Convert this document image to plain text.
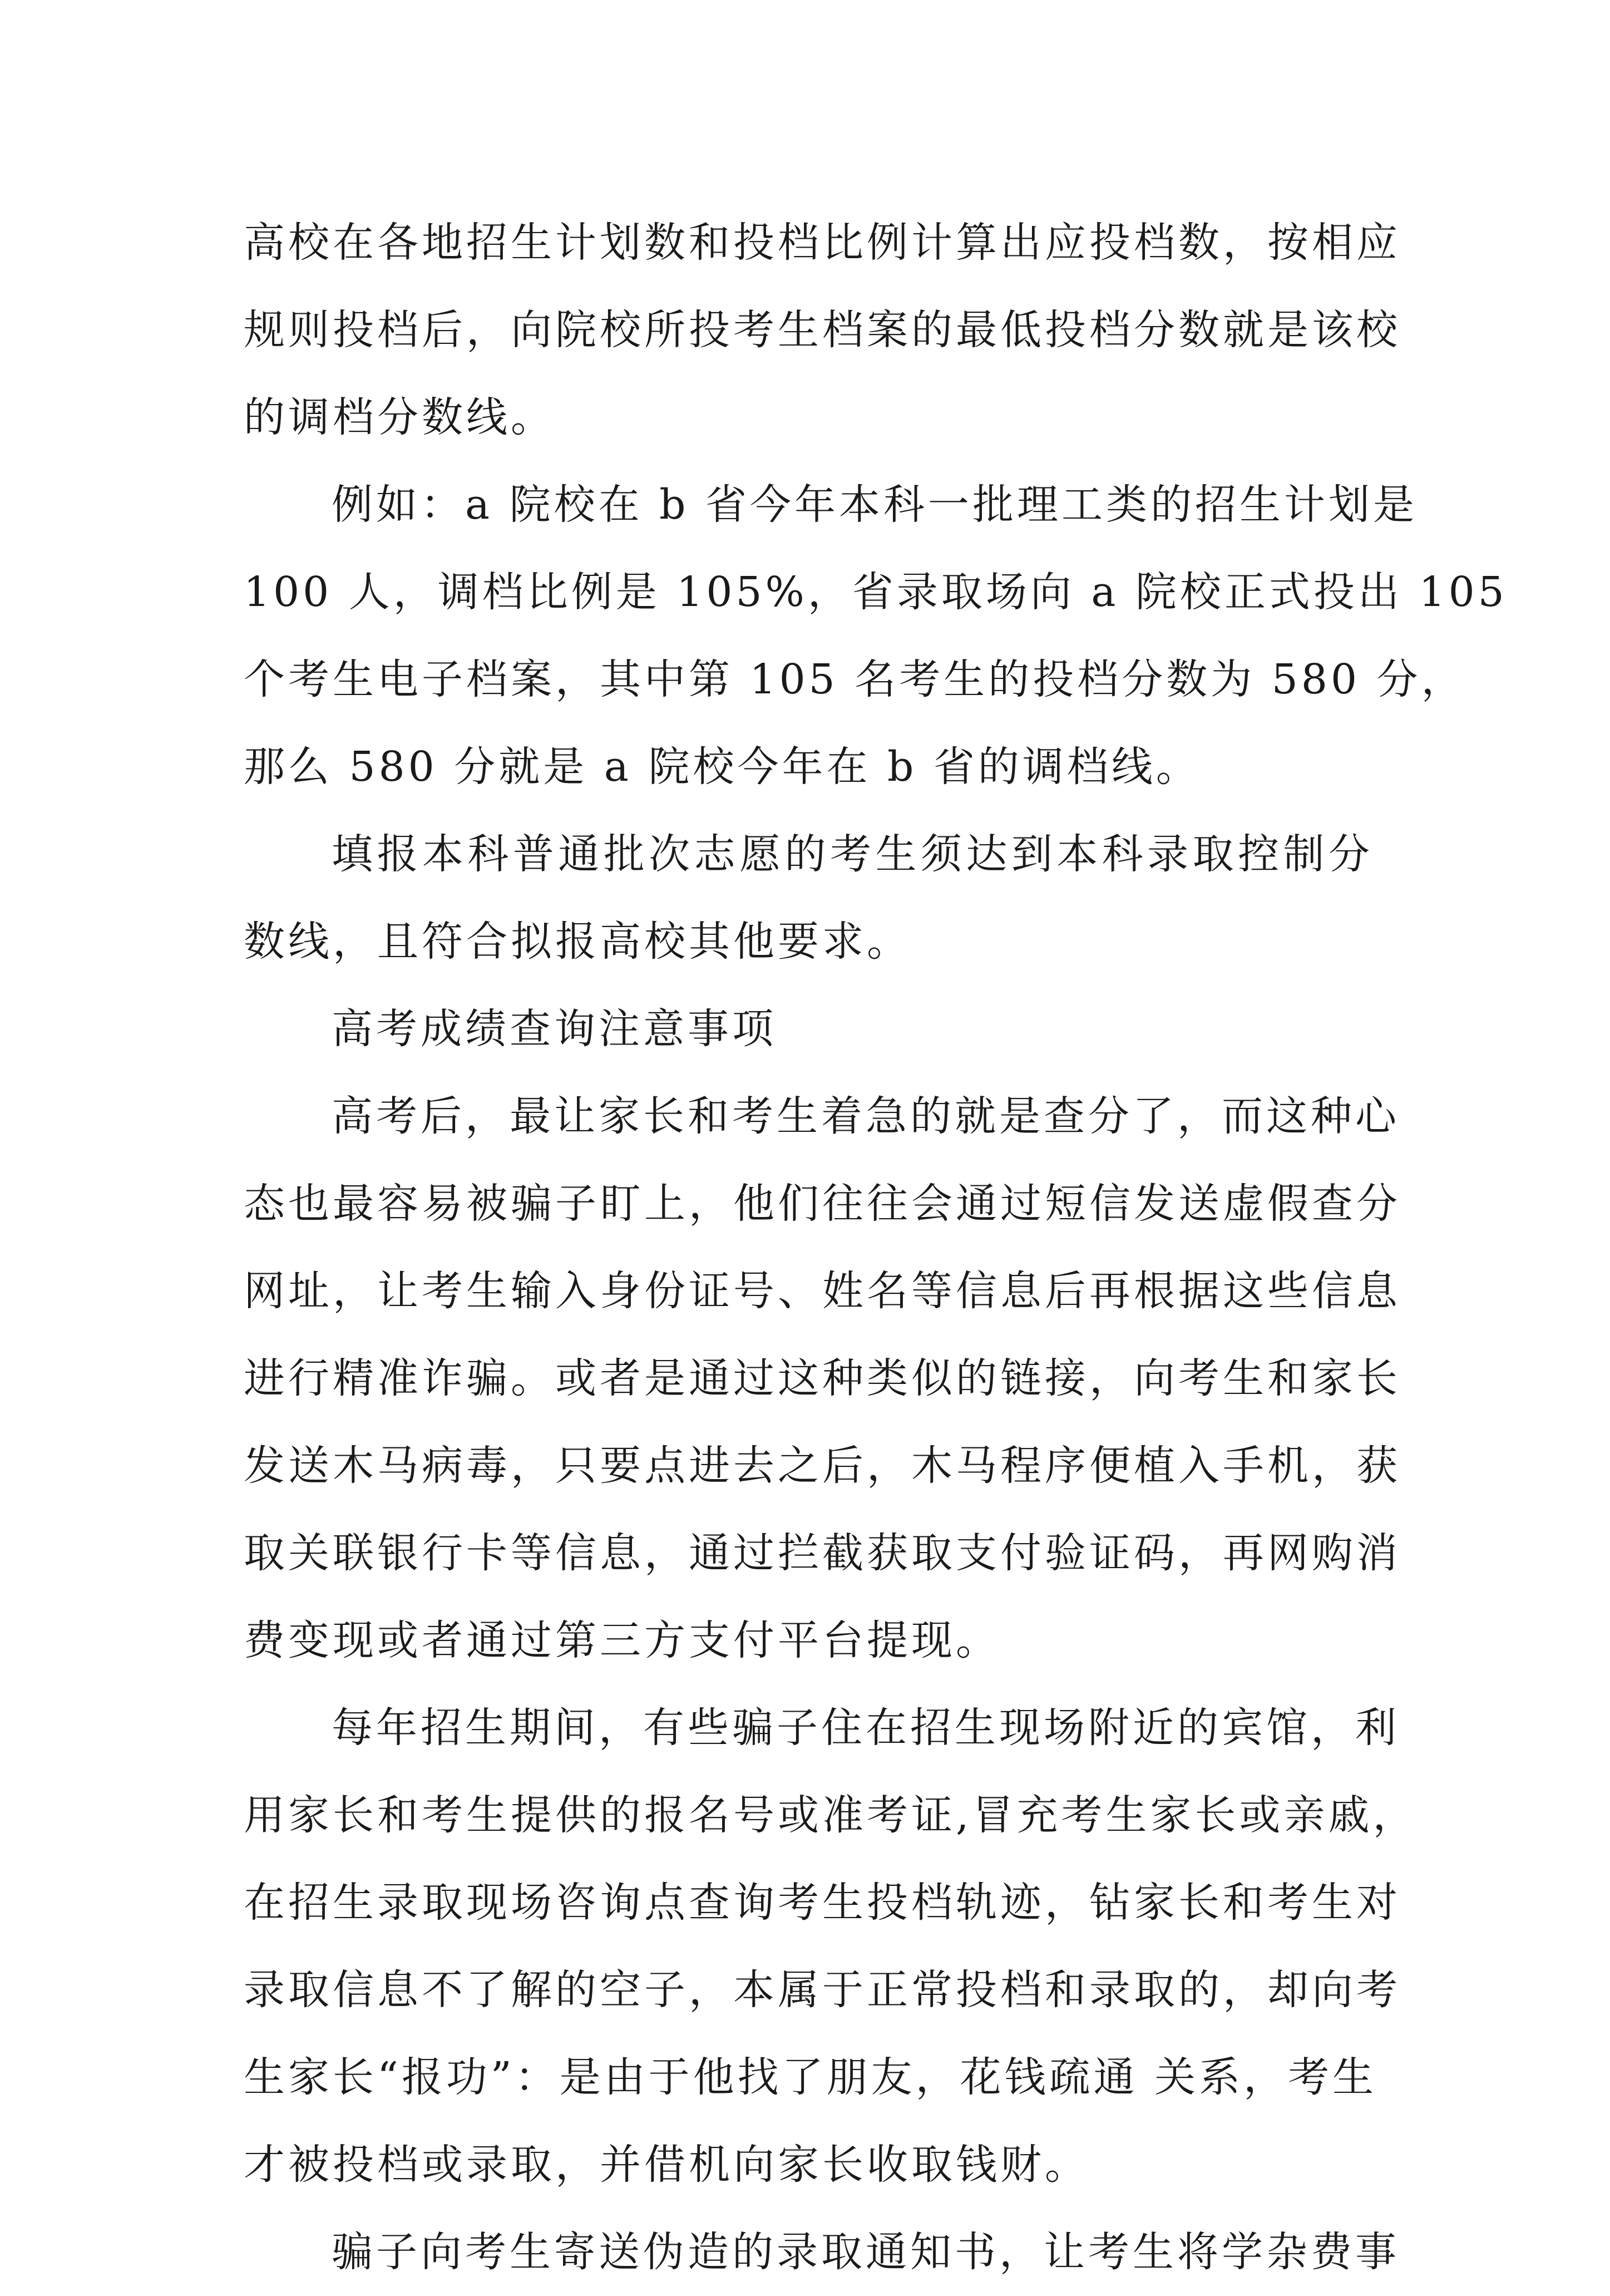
高校在各地招生计划数和投档比例计算出应投档数，按相应
规则投档后，向院校所投考生档案的最低投档分数就是该校
的调档分数线。
例如：a 院校在 b 省今年本科一批理工类的招生计划是
100 人，调档比例是 105%，省录取场向 a 院校正式投出 105
个考生电子档案，其中第 105 名考生的投档分数为 580 分，
那么 580 分就是 a 院校今年在 b 省的调档线。
填报本科普通批次志愿的考生须达到本科录取控制分
数线，且符合拟报高校其他要求。
高考成绩查询注意事项
高考后，最让家长和考生着急的就是查分了，而这种心
态也最容易被骗子盯上，他们往往会通过短信发送虚假查分
网址，让考生输入身份证号、姓名等信息后再根据这些信息
进行精准诈骗。或者是通过这种类似的链接，向考生和家长
发送木马病毒，只要点进去之后，木马程序便植入手机，获
取关联银行卡等信息，通过拦截获取支付验证码，再网购消
费变现或者通过第三方支付平台提现。
每年招生期间，有些骗子住在招生现场附近的宾馆，利
用家长和考生提供的报名号或准考证,冒充考生家长或亲戚，
在招生录取现场咨询点查询考生投档轨迹，钻家长和考生对
录取信息不了解的空子，本属于正常投档和录取的，却向考
生家长“报功”：是由于他找了朋友，花钱疏通 关系，考生
才被投档或录取，并借机向家长收取钱财。
骗子向考生寄送伪造的录取通知书，让考生将学杂费事
